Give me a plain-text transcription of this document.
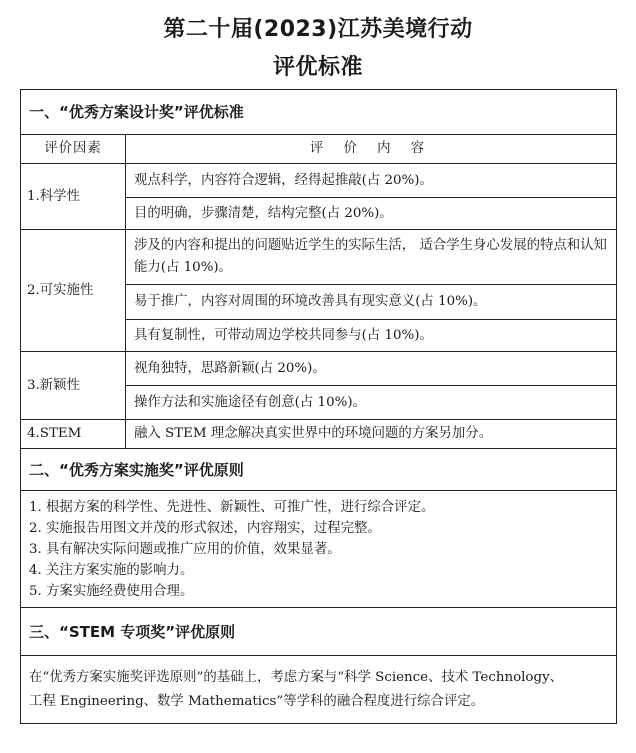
第二十届(2023)江苏美境行动
评优标准
一、“优秀方案设计奖”评优标准	
评价因素	评 价 内 容
1.科学性	观点科学，内容符合逻辑，经得起推敲(占 20%)。
	目的明确，步骤清楚，结构完整(占 20%)。
2.可实施性	涉及的内容和提出的问题贴近学生的实际生活， 适合学生身心发展的特点和认知能力(占 10%)。
	易于推广，内容对周围的环境改善具有现实意义(占 10%)。
	具有复制性，可带动周边学校共同参与(占 10%)。
3.新颖性	视角独特，思路新颖(占 20%)。
	操作方法和实施途径有创意(占 10%)。
4.STEM	融入 STEM 理念解决真实世界中的环境问题的方案另加分。
二、“优秀方案实施奖”评优原则	

1. 根据方案的科学性、先进性、新颖性、可推广性，进行综合评定。
2. 实施报告用图文并茂的形式叙述，内容翔实，过程完整。
3. 具有解决实际问题或推广应用的价值，效果显著。
4. 关注方案实施的影响力。
5. 方案实施经费使用合理。	

三、“STEM 专项奖”评优原则	

在“优秀方案实施奖评选原则”的基础上，考虑方案与“科学 Science、技术 Technology、
工程 Engineering、数学 Mathematics”等学科的融合程度进行综合评定。	
